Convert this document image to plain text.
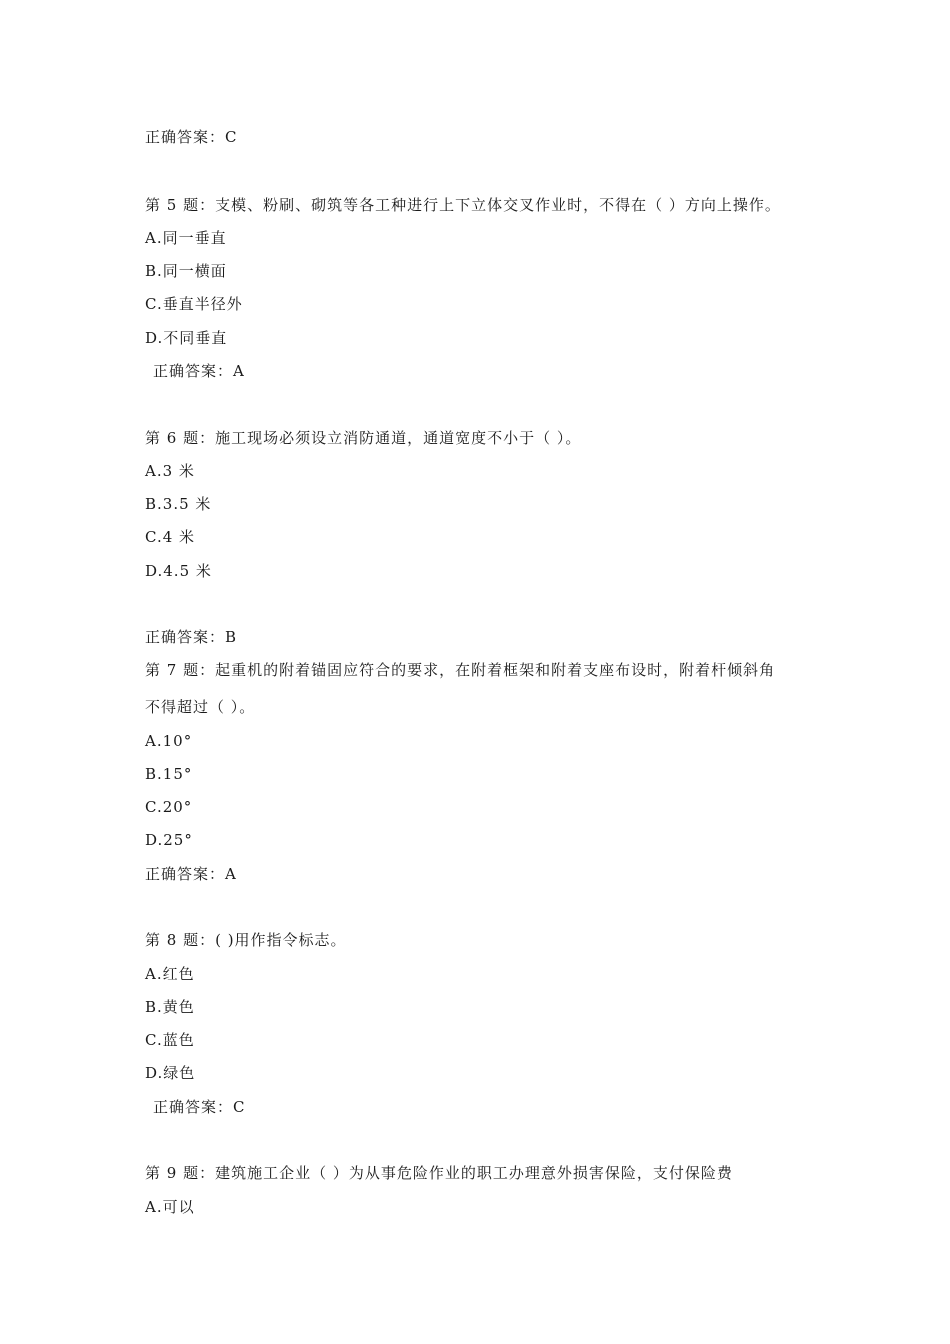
正确答案：C
第 5 题：支模、粉刷、砌筑等各工种进行上下立体交叉作业时，不得在（ ）方向上操作。
A.同一垂直
B.同一横面
C.垂直半径外
D.不同垂直
正确答案：A
第 6 题：施工现场必须设立消防通道，通道宽度不小于（ ）。
A.3 米
B.3.5 米
C.4 米
D.4.5 米
正确答案：B
第 7 题：起重机的附着锚固应符合的要求，在附着框架和附着支座布设时，附着杆倾斜角
不得超过（ ）。
A.10°
B.15°
C.20°
D.25°
正确答案：A
第 8 题：( )用作指令标志。
A.红色
B.黄色
C.蓝色
D.绿色
正确答案：C
第 9 题：建筑施工企业（ ）为从事危险作业的职工办理意外损害保险，支付保险费
A.可以
